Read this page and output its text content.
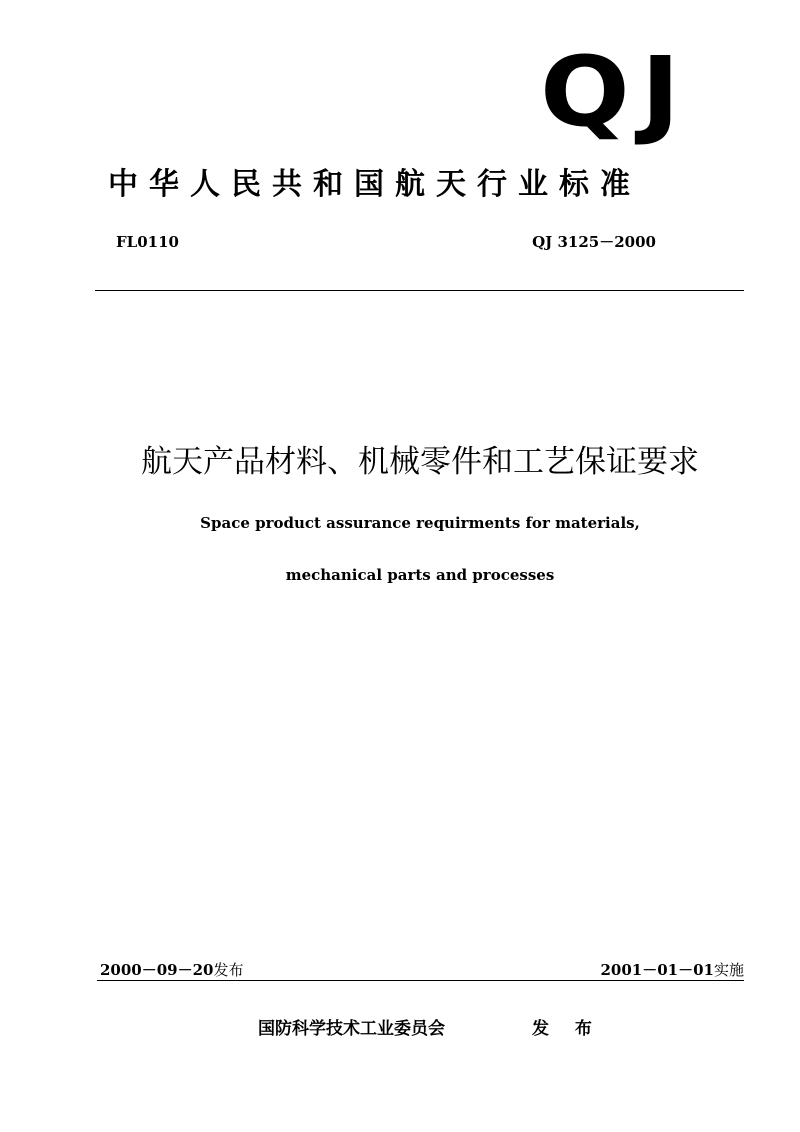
QJ
中华人民共和国航天行业标准
FL0110	QJ 3125－2000
航天产品材料、机械零件和工艺保证要求
Space product assurance requirments for materials,
mechanical parts and processes
2000－09－20发布	2001－01－01实施
国防科学技术工业委员会	发 布
